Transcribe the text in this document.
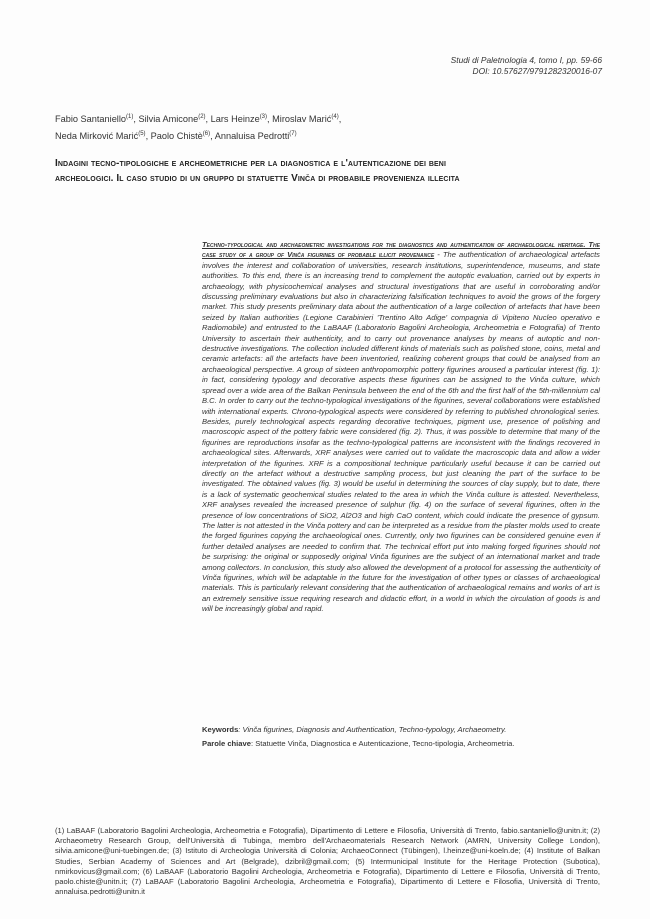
Studi di Paletnologia 4, tomo I, pp. 59-66
DOI: 10.57627/9791282320016-07
Fabio Santaniello$^{(1)}$, Silvia Amicone$^{(2)}$, Lars Heinze$^{(3)}$, Miroslav Marić$^{(4)}$,
Neda Mirković Marić$^{(5)}$, Paolo Chistè$^{(6)}$, Annaluisa Pedrotti$^{(7)}$
Indagini tecno-tipologiche e archeometriche per la diagnostica e l'autenticazione dei beni archeologici. Il caso studio di un gruppo di statuette Vinča di probabile provenienza illecita
Techno-typological and archaeometric investigations for the diagnostics and authentication of archaeological heritage. The case study of a group of Vinča figurines of probable illicit provenance - The authentication of archaeological artefacts involves the interest and collaboration of universities, research institutions, superintendence, museums, and state authorities. To this end, there is an increasing trend to complement the autoptic evaluation, carried out by experts in archaeology, with physicochemical analyses and structural investigations that are useful in corroborating and/or discussing preliminary evaluations but also in characterizing falsification techniques to avoid the grows of the forgery market. This study presents preliminary data about the authentication of a large collection of artefacts that have been seized by Italian authorities (Legione Carabinieri 'Trentino Alto Adige' compagnia di Vipiteno Nucleo operativo e Radiomobile) and entrusted to the LaBAAF (Laboratorio Bagolini Archeologia, Archeometria e Fotografia) of Trento University to ascertain their authenticity, and to carry out provenance analyses by means of autoptic and non-destructive investigations. The collection included different kinds of materials such as polished stone, coins, metal and ceramic artefacts: all the artefacts have been inventoried, realizing coherent groups that could be analysed from an archaeological perspective. A group of sixteen anthropomorphic pottery figurines aroused a particular interest (fig. 1): in fact, considering typology and decorative aspects these figurines can be assigned to the Vinča culture, which spread over a wide area of the Balkan Peninsula between the end of the 6th and the first half of the 5th-millennium cal B.C. In order to carry out the techno-typological investigations of the figurines, several collaborations were established with international experts. Chrono-typological aspects were considered by referring to published chronological series. Besides, purely technological aspects regarding decorative techniques, pigment use, presence of polishing and macroscopic aspect of the pottery fabric were considered (fig. 2). Thus, it was possible to determine that many of the figurines are reproductions insofar as the techno-typological patterns are inconsistent with the findings recovered in archaeological sites. Afterwards, XRF analyses were carried out to validate the macroscopic data and allow a wider interpretation of the figurines. XRF is a compositional technique particularly useful because it can be carried out directly on the artefact without a destructive sampling process, but just cleaning the part of the surface to be investigated. The obtained values (fig. 3) would be useful in determining the sources of clay supply, but to date, there is a lack of systematic geochemical studies related to the area in which the Vinča culture is attested. Nevertheless, XRF analyses revealed the increased presence of sulphur (fig. 4) on the surface of several figurines, often in the presence of low concentrations of SiO2, Al2O3 and high CaO content, which could indicate the presence of gypsum. The latter is not attested in the Vinča pottery and can be interpreted as a residue from the plaster molds used to create the forged figurines copying the archaeological ones. Currently, only two figurines can be considered genuine even if further detailed analyses are needed to confirm that. The technical effort put into making forged figurines should not be surprising: the original or supposedly original Vinča figurines are the subject of an international market and trade among collectors. In conclusion, this study also allowed the development of a protocol for assessing the authenticity of Vinča figurines, which will be adaptable in the future for the investigation of other types or classes of archaeological materials. This is particularly relevant considering that the authentication of archaeological remains and works of art is an extremely sensitive issue requiring research and didactic effort, in a world in which the circulation of goods is and will be increasingly global and rapid.
Keywords: Vinča figurines, Diagnosis and Authentication, Techno-typology, Archaeometry.
Parole chiave: Statuette Vinča, Diagnostica e Autenticazione, Tecno-tipologia, Archeometria.
(1) LaBAAF (Laboratorio Bagolini Archeologia, Archeometria e Fotografia), Dipartimento di Lettere e Filosofia, Università di Trento, fabio.santaniello@unitn.it; (2) Archaeometry Research Group, dell'Università di Tubinga, membro dell'Archaeomaterials Research Network (AMRN, University College London), silvia.amicone@uni-tuebingen.de; (3) Istituto di Archeologia Università di Colonia; ArchaeoConnect (Tübingen), l.heinze@uni-koeln.de; (4) Institute of Balkan Studies, Serbian Academy of Sciences and Art (Belgrade), dzibril@gmail.com; (5) Intermunicipal Institute for the Heritage Protection (Subotica), nmirkovicus@gmail.com; (6) LaBAAF (Laboratorio Bagolini Archeologia, Archeometria e Fotografia), Dipartimento di Lettere e Filosofia, Università di Trento, paolo.chiste@unitn.it; (7) LaBAAF (Laboratorio Bagolini Archeologia, Archeometria e Fotografia), Dipartimento di Lettere e Filosofia, Università di Trento, annaluisa.pedrotti@unitn.it
